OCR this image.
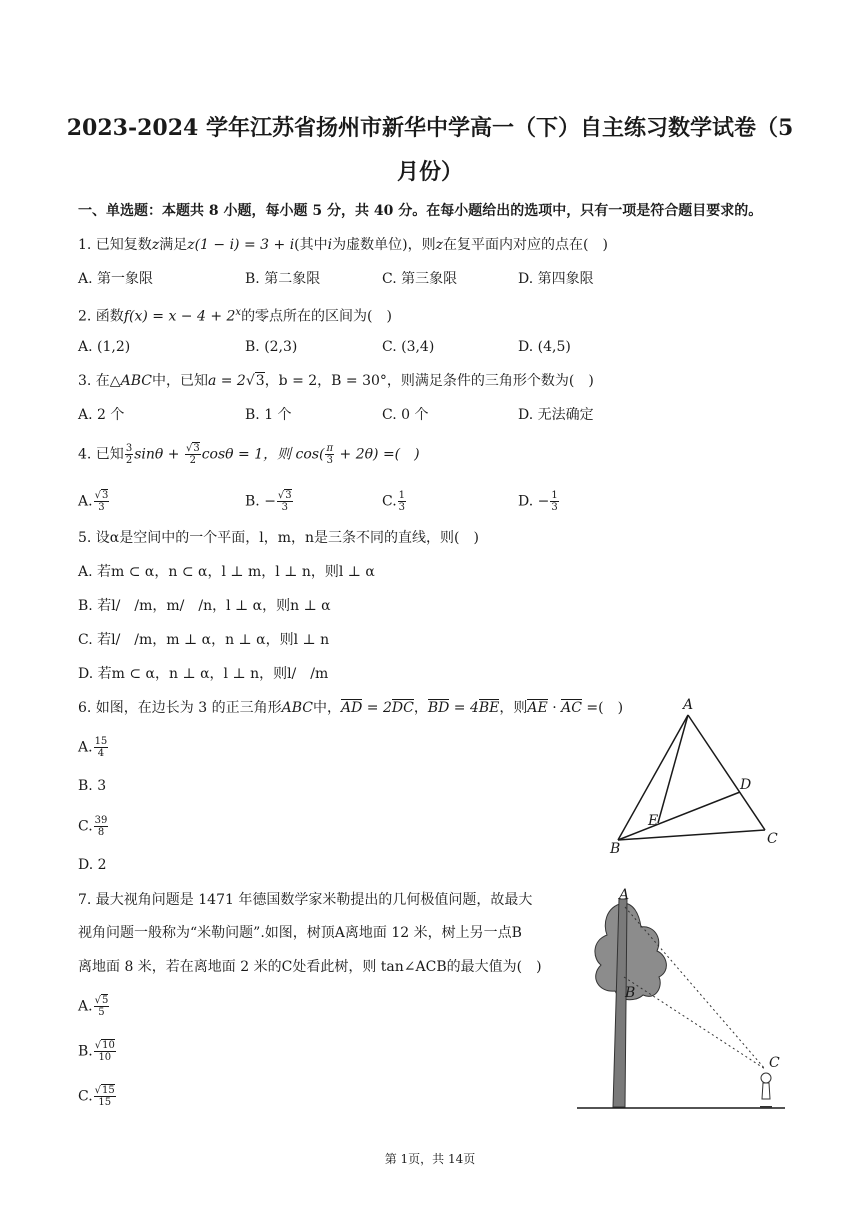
2023-2024 学年江苏省扬州市新华中学高一（下）自主练习数学试卷（5
月份）
一、单选题：本题共 8 小题，每小题 5 分，共 40 分。在每小题给出的选项中，只有一项是符合题目要求的。
1. 已知复数z满足z(1 − i) = 3 + i(其中i为虚数单位)，则z在复平面内对应的点在(　)
A. 第一象限	B. 第二象限	C. 第三象限	D. 第四象限
2. 函数$f(x) = x - 4 + 2^x$的零点所在的区间为(　)
A. (1,2)	B. (2,3)	C. (3,4)	D. (4,5)
3. 在△ABC中，已知a = 2√3，b = 2，B = 30°，则满足条件的三角形个数为(　)
A. 2 个	B. 1 个	C. 0 个	D. 无法确定
4. 已知 $\frac{3}{2}$ $\sin\theta + \frac{√3}{2}$ cosθ = 1，则 $\cos( \frac{\pi}{3} + 2\theta)$ =(　)
A. $\frac{√3}{3}$	B. − $\frac{√3}{3}$	C. $\frac{1}{3}$	D. − $\frac{1}{3}$
5. 设α是空间中的一个平面，l，m，n是三条不同的直线，则(　)
A. 若m ⊂ α，n ⊂ α，l ⊥ m，l ⊥ n，则l ⊥ α
B. 若l/　/m，m/　/n，l ⊥ α，则n ⊥ α
C. 若l/　/m，m ⊥ α，n ⊥ α，则l ⊥ n
D. 若m ⊂ α，n ⊥ α，l ⊥ n，则l/　/m
6. 如图，在边长为 3 的正三角形ABC中，AD = 2DC，BD = 4BE，则AE · AC =(　)
A. $\frac{15}{4}$
B. 3
C. $\frac{39}{8}$
D. 2
A
B
C
D
E
7. 最大视角问题是 1471 年德国数学家米勒提出的几何极值问题，故最大
视角问题一般称为“米勒问题”.如图，树顶A离地面 12 米，树上另一点B
离地面 8 米，若在离地面 2 米的C处看此树，则 tan∠ACB的最大值为(　)
A. $\frac{√5}{5}$
B. $\frac{√10}{10}$
C. $\frac{√15}{15}$
A
B
C
第 1页，共 14页
